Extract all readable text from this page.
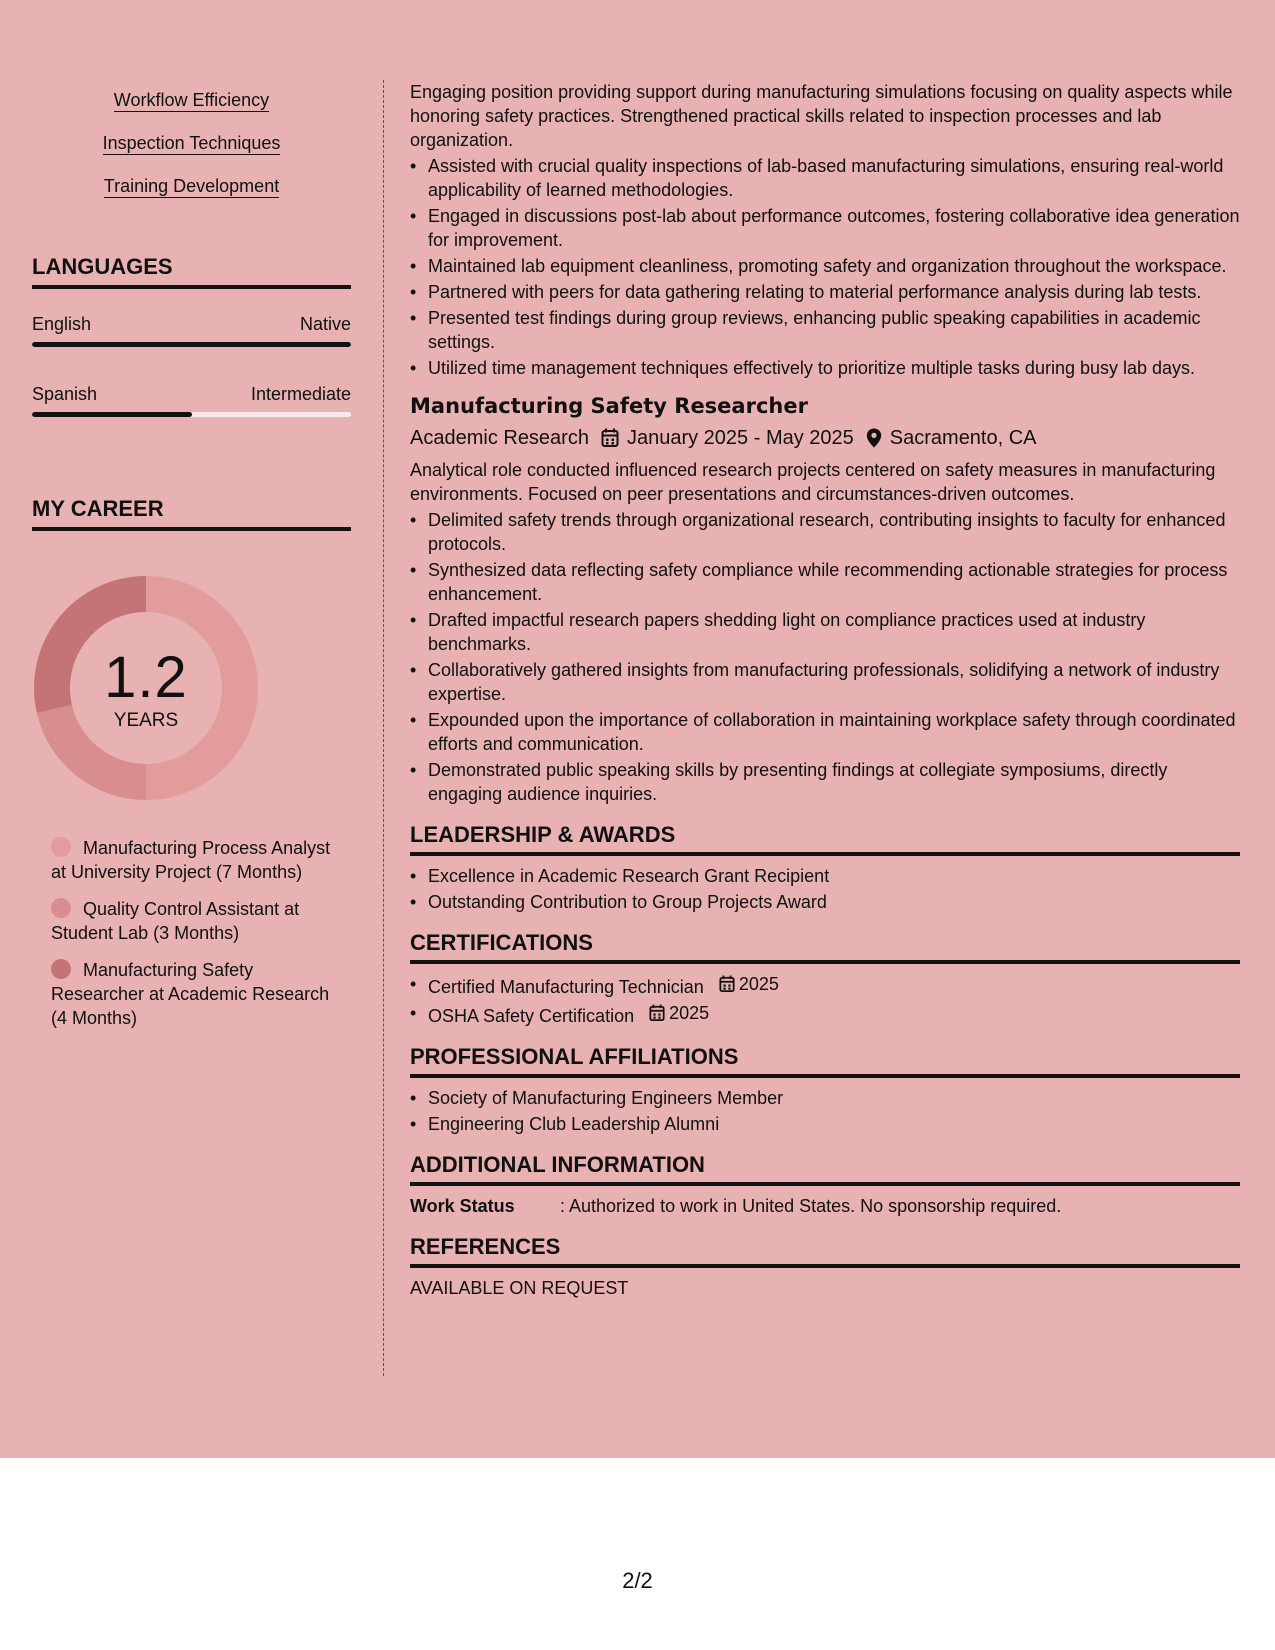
Workflow Efficiency
Inspection Techniques
Training Development
LANGUAGES
English	Native
Spanish	Intermediate
MY CAREER
1.2
YEARS
Manufacturing Process Analyst at University Project (7 Months)
Quality Control Assistant at Student Lab (3 Months)
Manufacturing Safety Researcher at Academic Research (4 Months)

Engaging position providing support during manufacturing simulations focusing on quality aspects while honoring safety practices. Strengthened practical skills related to inspection processes and lab organization.

• Assisted with crucial quality inspections of lab-based manufacturing simulations, ensuring real-world applicability of learned methodologies.
• Engaged in discussions post-lab about performance outcomes, fostering collaborative idea generation for improvement.
• Maintained lab equipment cleanliness, promoting safety and organization throughout the workspace.
• Partnered with peers for data gathering relating to material performance analysis during lab tests.
• Presented test findings during group reviews, enhancing public speaking capabilities in academic settings.
• Utilized time management techniques effectively to prioritize multiple tasks during busy lab days.
Manufacturing Safety Researcher
Academic Research January 2025 - May 2025 Sacramento, CA

Analytical role conducted influenced research projects centered on safety measures in manufacturing environments. Focused on peer presentations and circumstances-driven outcomes.

• Delimited safety trends through organizational research, contributing insights to faculty for enhanced protocols.
• Synthesized data reflecting safety compliance while recommending actionable strategies for process enhancement.
• Drafted impactful research papers shedding light on compliance practices used at industry benchmarks.
• Collaboratively gathered insights from manufacturing professionals, solidifying a network of industry expertise.
• Expounded upon the importance of collaboration in maintaining workplace safety through coordinated efforts and communication.
• Demonstrated public speaking skills by presenting findings at collegiate symposiums, directly engaging audience inquiries.
LEADERSHIP & AWARDS
• Excellence in Academic Research Grant Recipient
• Outstanding Contribution to Group Projects Award
CERTIFICATIONS
• Certified Manufacturing Technician 2025
• OSHA Safety Certification 2025
PROFESSIONAL AFFILIATIONS
• Society of Manufacturing Engineers Member
• Engineering Club Leadership Alumni
ADDITIONAL INFORMATION
Work Status	: Authorized to work in United States. No sponsorship required.
REFERENCES
AVAILABLE ON REQUEST
2/2
